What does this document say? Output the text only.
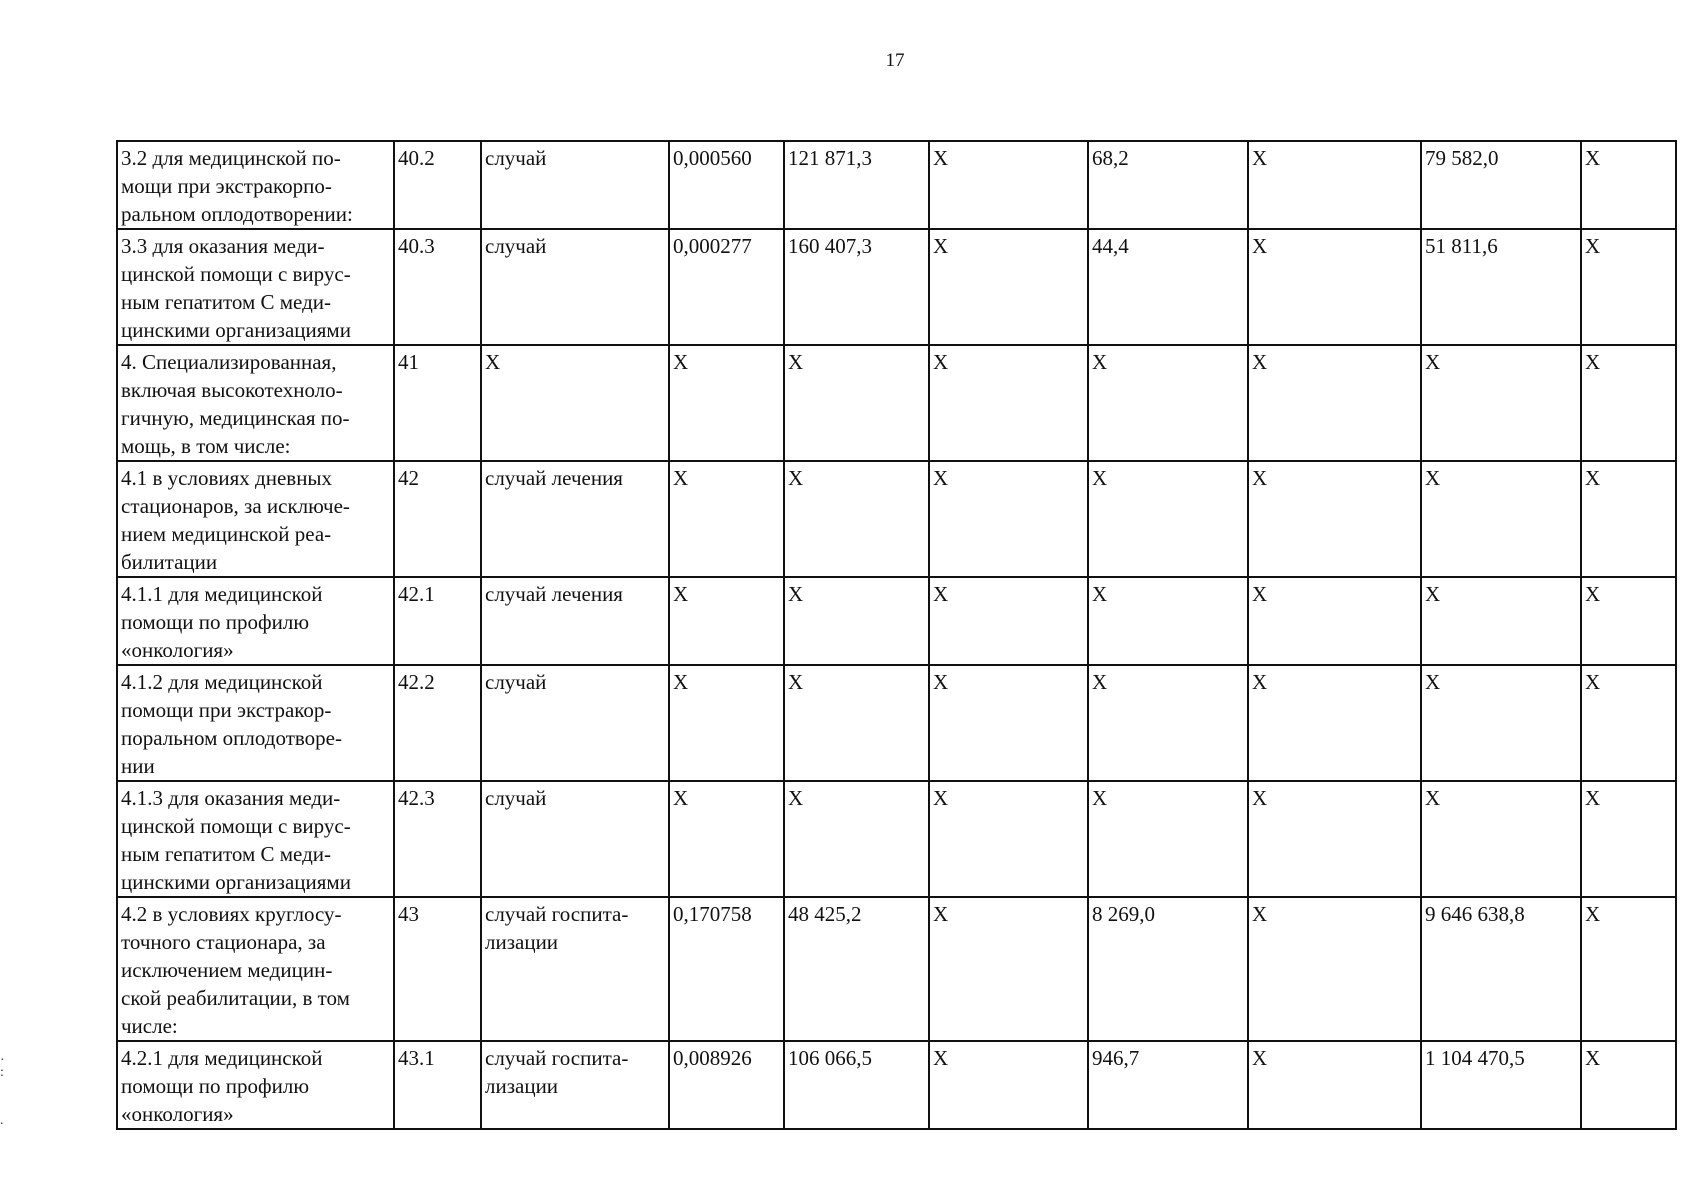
17
3.2 для медицинской по-
мощи при экстракорпо-
ральном оплодотворении:	40.2	случай	0,000560	121 871,3	X	68,2	X	79 582,0	X
3.3 для оказания меди-
цинской помощи с вирус-
ным гепатитом С меди-
цинскими организациями	40.3	случай	0,000277	160 407,3	X	44,4	X	51 811,6	X
4. Специализированная,
включая высокотехноло-
гичную, медицинская по-
мощь, в том числе:	41	X	X	X	X	X	X	X	X
4.1 в условиях дневных
стационаров, за исключе-
нием медицинской реа-
билитации	42	случай лечения	X	X	X	X	X	X	X
4.1.1 для медицинской
помощи по профилю
«онкология»	42.1	случай лечения	X	X	X	X	X	X	X
4.1.2 для медицинской
помощи при экстракор-
поральном оплодотворе-
нии	42.2	случай	X	X	X	X	X	X	X
4.1.3 для оказания меди-
цинской помощи с вирус-
ным гепатитом С меди-
цинскими организациями	42.3	случай	X	X	X	X	X	X	X
4.2 в условиях круглосу-
точного стационара, за
исключением медицин-
ской реабилитации, в том
числе:	43	случай госпита-
лизации	0,170758	48 425,2	X	8 269,0	X	9 646 638,8	X
4.2.1 для медицинской
помощи по профилю
«онкология»	43.1	случай госпита-
лизации	0,008926	106 066,5	X	946,7	X	1 104 470,5	X
·
:

.
